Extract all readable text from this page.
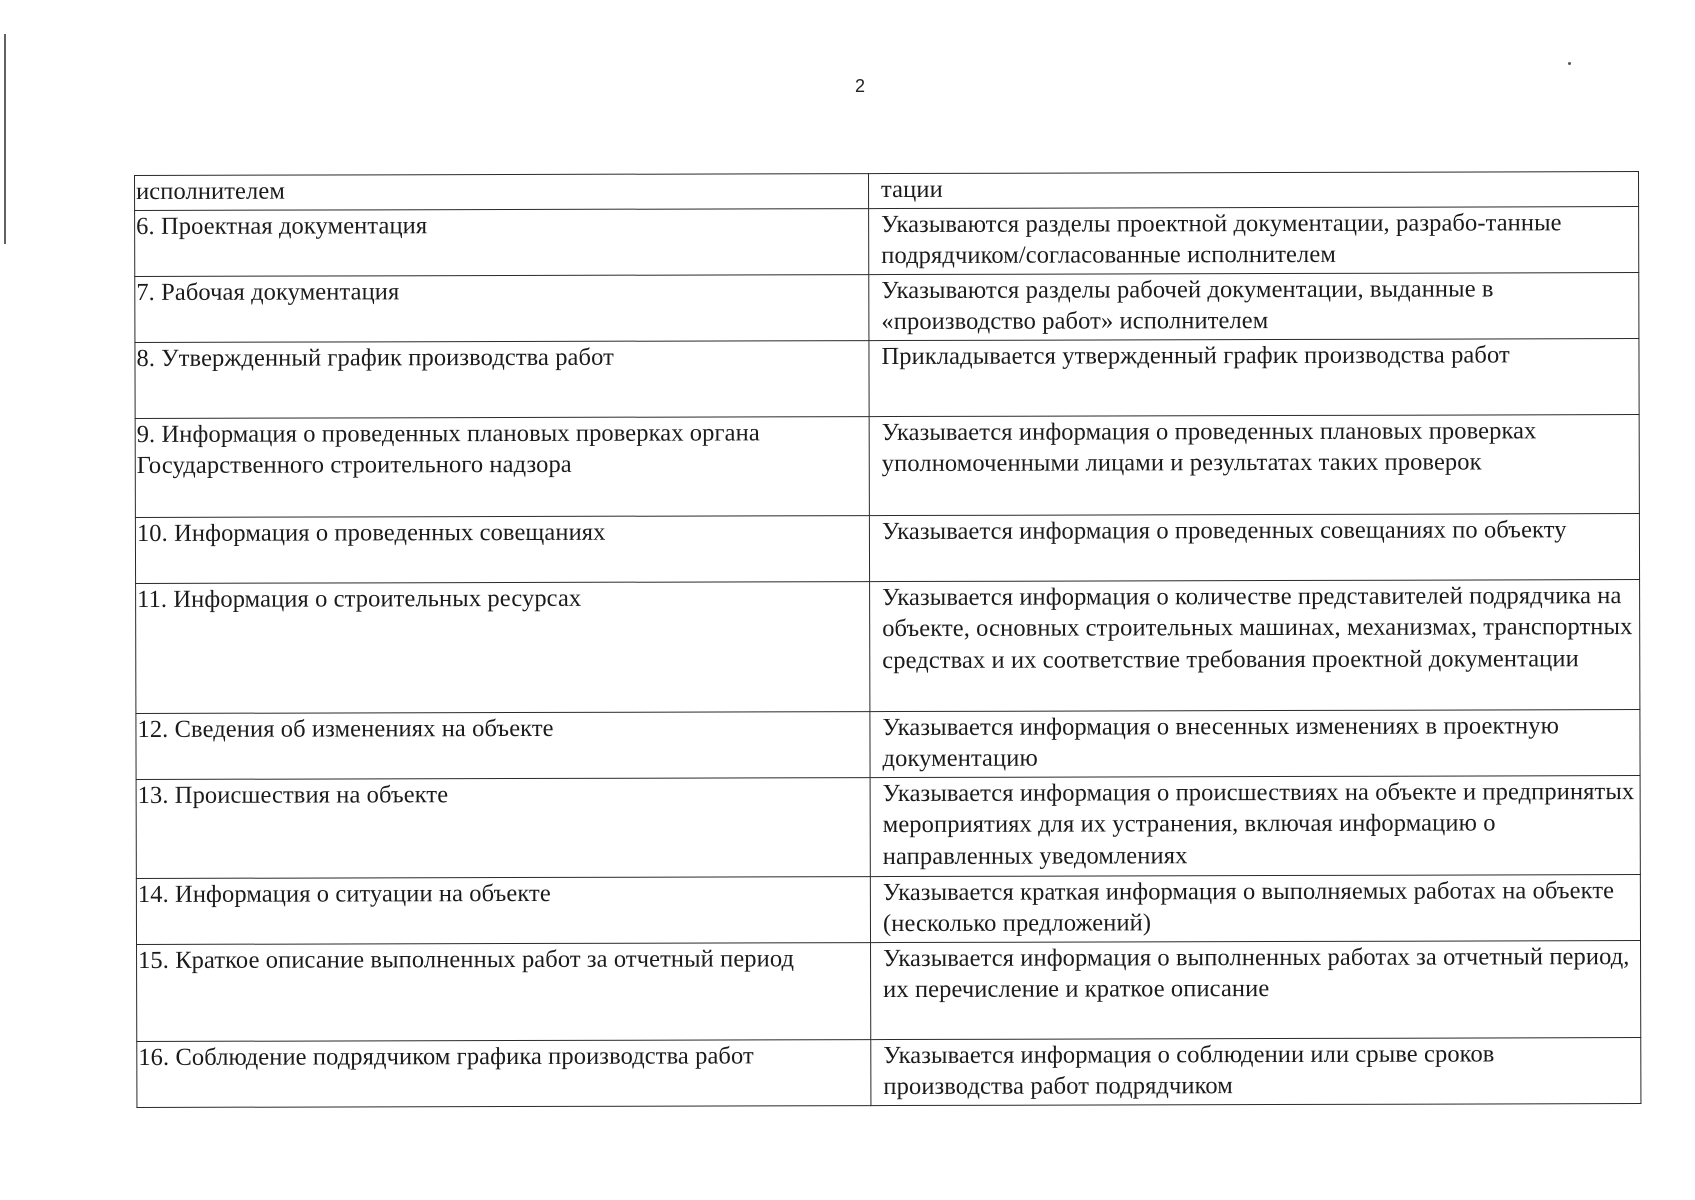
2
исполнителем	тации
6. Проектная документация	Указываются разделы проектной документации, разрабо-танные подрядчиком/согласованные исполнителем
7. Рабочая документация	Указываются разделы рабочей документации, выданные в «производство работ» исполнителем
8. Утвержденный график производства работ	Прикладывается утвержденный график производства работ
9. Информация о проведенных плановых проверках органа Государственного строительного надзора	Указывается информация о проведенных плановых проверках уполномоченными лицами и результатах таких проверок
10. Информация о проведенных совещаниях	Указывается информация о проведенных совещаниях по объекту
11. Информация о строительных ресурсах	Указывается информация о количестве представителей подрядчика на объекте, основных строительных машинах, механизмах, транспортных средствах и их соответствие требования проектной документации
12. Сведения об изменениях на объекте	Указывается информация о внесенных изменениях в проектную документацию
13. Происшествия на объекте	Указывается информация о происшествиях на объекте и предпринятых мероприятиях для их устранения, включая информацию о направленных уведомлениях
14. Информация о ситуации на объекте	Указывается краткая информация о выполняемых работах на объекте (несколько предложений)
15. Краткое описание выполненных работ за отчетный период	Указывается информация о выполненных работах за отчетный период, их перечисление и краткое описание
16. Соблюдение подрядчиком графика производства работ	Указывается информация о соблюдении или срыве сроков производства работ подрядчиком
